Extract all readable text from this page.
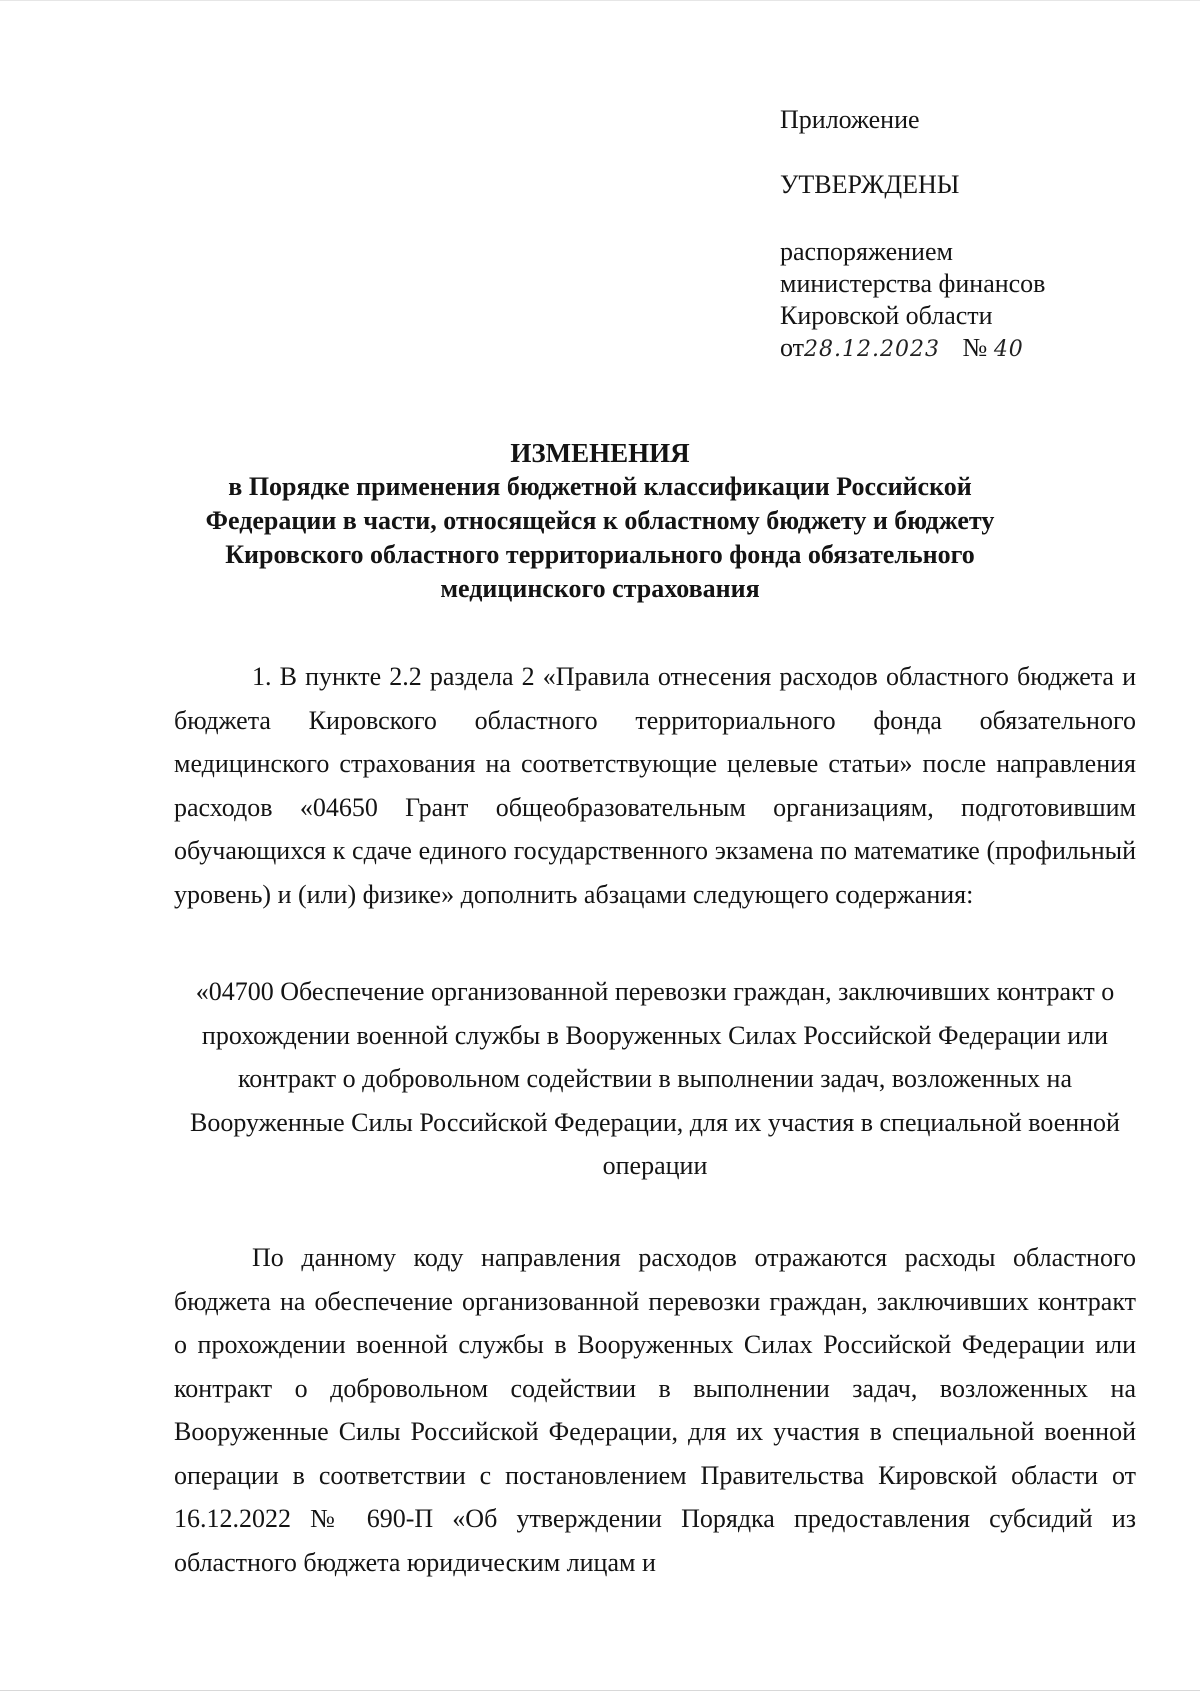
Приложение
УТВЕРЖДЕНЫ
распоряжением
министерства финансов
Кировской области
от28.12.2023 № 40
ИЗМЕНЕНИЯ
в Порядке применения бюджетной классификации Российской Федерации в части, относящейся к областному бюджету и бюджету Кировского областного территориального фонда обязательного медицинского страхования
1. В пункте 2.2 раздела 2 «Правила отнесения расходов областного бюджета и бюджета Кировского областного территориального фонда обязательного медицинского страхования на соответствующие целевые статьи» после направления расходов «04650 Грант общеобразовательным организациям, подготовившим обучающихся к сдаче единого государственного экзамена по математике (профильный уровень) и (или) физике» дополнить абзацами следующего содержания:
«04700 Обеспечение организованной перевозки граждан, заключивших контракт о прохождении военной службы в Вооруженных Силах Российской Федерации или контракт о добровольном содействии в выполнении задач, возложенных на Вооруженные Силы Российской Федерации, для их участия в специальной военной операции
По данному коду направления расходов отражаются расходы областного бюджета на обеспечение организованной перевозки граждан, заключивших контракт о прохождении военной службы в Вооруженных Силах Российской Федерации или контракт о добровольном содействии в выполнении задач, возложенных на Вооруженные Силы Российской Федерации, для их участия в специальной военной операции в соответствии с постановлением Правительства Кировской области от 16.12.2022 № 690-П «Об утверждении Порядка предоставления субсидий из областного бюджета юридическим лицам и
